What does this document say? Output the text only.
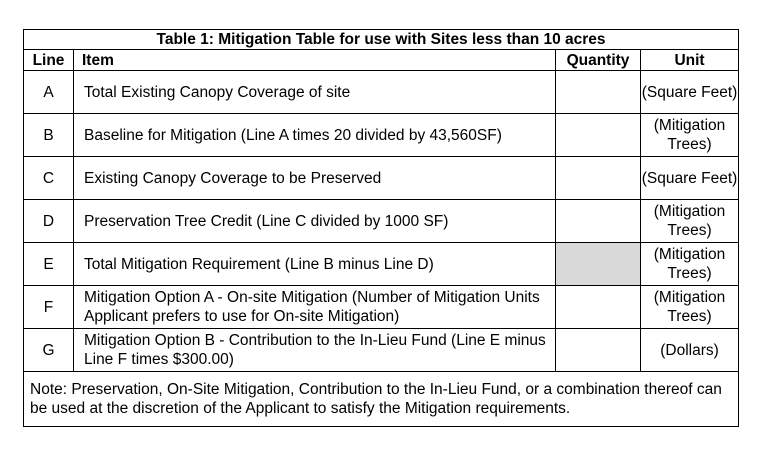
Table 1: Mitigation Table for use with Sites less than 10 acres			
Line	Item	Quantity	Unit
A	Total Existing Canopy Coverage of site		(Square Feet)
B	Baseline for Mitigation (Line A times 20 divided by 43,560SF)		(Mitigation Trees)
C	Existing Canopy Coverage to be Preserved		(Square Feet)
D	Preservation Tree Credit (Line C divided by 1000 SF)		(Mitigation Trees)
E	Total Mitigation Requirement (Line B minus Line D)		(Mitigation Trees)
F	Mitigation Option A - On-site Mitigation (Number of Mitigation Units Applicant prefers to use for On-site Mitigation)		(Mitigation Trees)
G	Mitigation Option B - Contribution to the In-Lieu Fund (Line E minus Line F times $300.00)		(Dollars)
Note: Preservation, On-Site Mitigation, Contribution to the In-Lieu Fund, or a combination thereof can be used at the discretion of the Applicant to satisfy the Mitigation requirements.			
